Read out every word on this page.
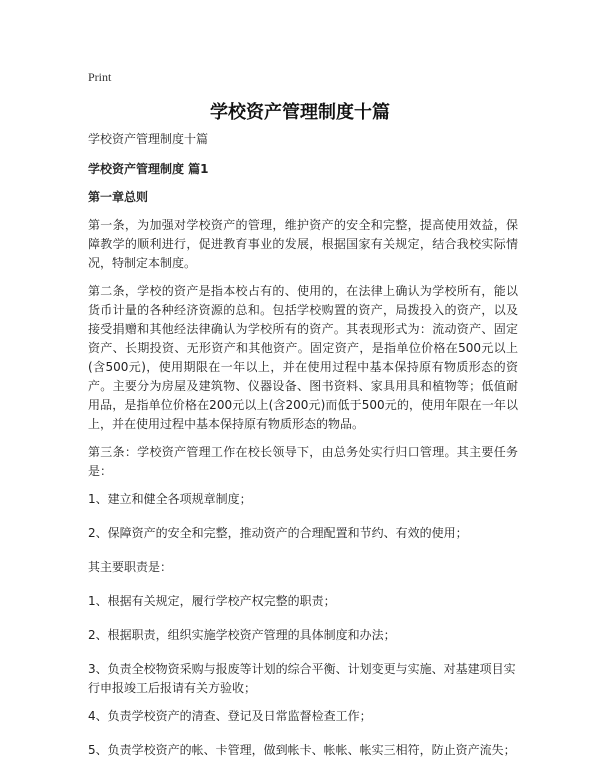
Print
学校资产管理制度十篇

学校资产管理制度十篇

学校资产管理制度 篇1

第一章总则

第一条，为加强对学校资产的管理，维护资产的安全和完整，提高使用效益，保障教学的顺利进行，促进教育事业的发展，根据国家有关规定，结合我校实际情况，特制定本制度。

第二条，学校的资产是指本校占有的、使用的，在法律上确认为学校所有，能以货币计量的各种经济资源的总和。包括学校购置的资产，局拨投入的资产，以及接受捐赠和其他经法律确认为学校所有的资产。其表现形式为：流动资产、固定资产、长期投资、无形资产和其他资产。固定资产，是指单位价格在500元以上(含500元)，使用期限在一年以上，并在使用过程中基本保持原有物质形态的资产。主要分为房屋及建筑物、仪器设备、图书资料、家具用具和植物等；低值耐用品，是指单位价格在200元以上(含200元)而低于500元的，使用年限在一年以上，并在使用过程中基本保持原有物质形态的物品。

第三条：学校资产管理工作在校长领导下，由总务处实行归口管理。其主要任务是：

1、建立和健全各项规章制度；

2、保障资产的安全和完整，推动资产的合理配置和节约、有效的使用；

其主要职责是：

1、根据有关规定，履行学校产权完整的职责；

2、根据职责，组织实施学校资产管理的具体制度和办法；

3、负责全校物资采购与报废等计划的综合平衡、计划变更与实施、对基建项目实行申报竣工后报请有关方验收；

4、负责学校资产的清查、登记及日常监督检查工作；

5、负责学校资产的帐、卡管理，做到帐卡、帐帐、帐实三相符，防止资产流失；
